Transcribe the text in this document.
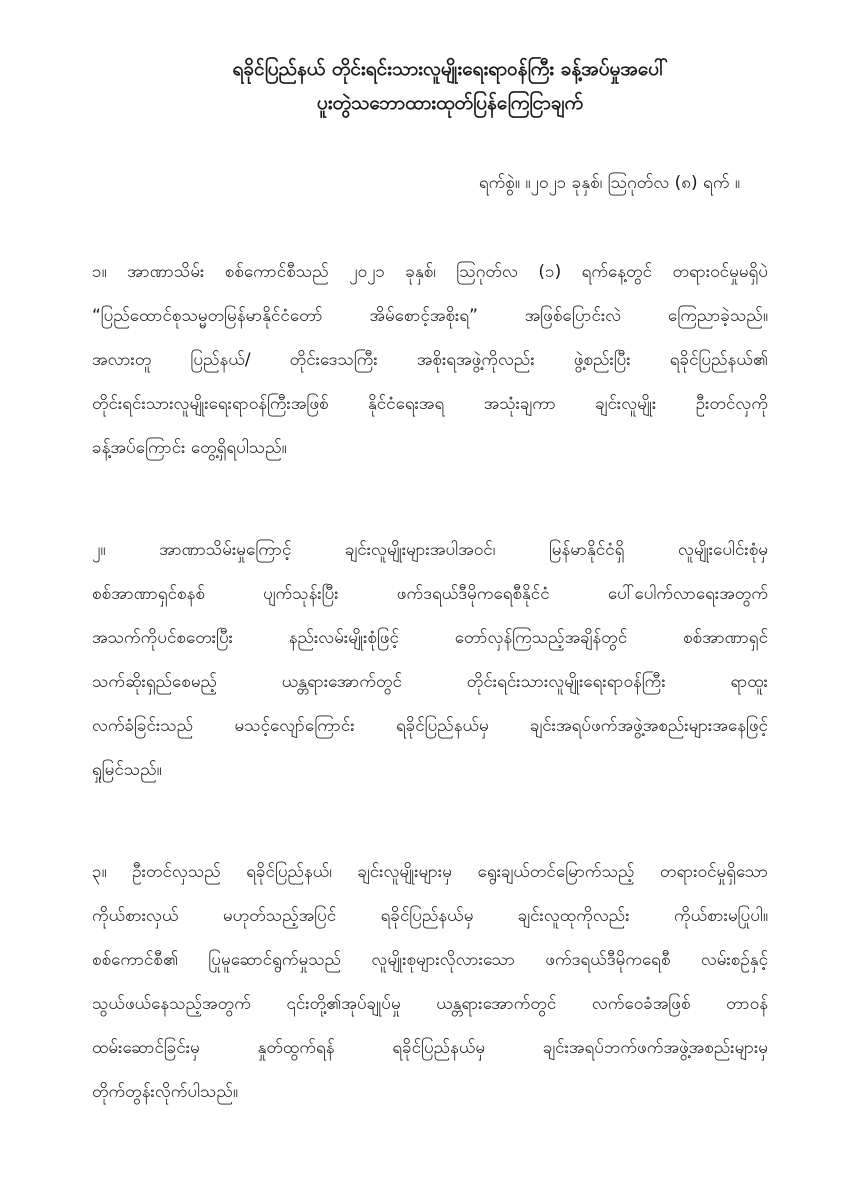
ရခိုင်ပြည်နယ် တိုင်းရင်းသားလူမျိုးရေးရာဝန်ကြီး ခန့်အပ်မှုအပေါ်
ပူးတွဲသဘောထားထုတ်ပြန်ကြေငြာချက်
ရက်စွဲ။ ။၂၀၂၁ ခုနှစ်၊ ဩဂုတ်လ (၈) ရက် ။
၁။ အာဏာသိမ်း စစ်ကောင်စီသည် ၂၀၂၁ ခုနှစ်၊ ဩဂုတ်လ (၁) ရက်နေ့တွင် တရားဝင်မှုမရှိပဲ
“ပြည်ထောင်စုသမ္မတမြန်မာနိုင်ငံတော် အိမ်စောင့်အစိုးရ” အဖြစ်ပြောင်းလဲ ကြေညာခဲ့သည်။
အလားတူ ပြည်နယ်/ တိုင်းဒေသကြီး အစိုးရအဖွဲ့ကိုလည်း ဖွဲ့စည်းပြီး ရခိုင်ပြည်နယ်၏
တိုင်းရင်းသားလူမျိုးရေးရာဝန်ကြီးအဖြစ် နိုင်ငံရေးအရ အသုံးချကာ ချင်းလူမျိုး ဦးတင်လှကို
ခန့်အပ်ကြောင်း တွေ့ရှိရပါသည်။
၂။ အာဏာသိမ်းမှုကြောင့် ချင်းလူမျိုးများအပါအဝင်၊ မြန်မာနိုင်ငံရှိ လူမျိုးပေါင်းစုံမှ
စစ်အာဏာရှင်စနစ် ပျက်သုန်းပြီး ဖက်ဒရယ်ဒီမိုကရေစီနိုင်ငံ ပေါ်ပေါက်လာရေးအတွက်
အသက်ကိုပင်စတေးပြီး နည်းလမ်းမျိုးစုံဖြင့် တော်လှန်ကြသည့်အချိန်တွင် စစ်အာဏာရှင်
သက်ဆိုးရှည်စေမည့် ယန္တရားအောက်တွင် တိုင်းရင်းသားလူမျိုးရေးရာဝန်ကြီး ရာထူး
လက်ခံခြင်းသည် မသင့်လျော်ကြောင်း ရခိုင်ပြည်နယ်မှ ချင်းအရပ်ဖက်အဖွဲ့အစည်းများအနေဖြင့်
ရှုမြင်သည်။
၃။ ဦးတင်လှသည် ရခိုင်ပြည်နယ်၊ ချင်းလူမျိုးများမှ ရွေးချယ်တင်မြောက်သည့် တရားဝင်မှုရှိသော
ကိုယ်စားလှယ် မဟုတ်သည့်အပြင် ရခိုင်ပြည်နယ်မှ ချင်းလူထုကိုလည်း ကိုယ်စားမပြုပါ။
စစ်ကောင်စီ၏ ပြုမူဆောင်ရွက်မှုသည် လူမျိုးစုများလိုလားသော ဖက်ဒရယ်ဒီမိုကရေစီ လမ်းစဉ်နှင့်
သွယ်ဖယ်နေသည့်အတွက် ၎င်းတို့၏အုပ်ချုပ်မှု ယန္တရားအောက်တွင် လက်ဝေခံအဖြစ် တာဝန်
ထမ်းဆောင်ခြင်းမှ နှုတ်ထွက်ရန် ရခိုင်ပြည်နယ်မှ ချင်းအရပ်ဘက်ဖက်အဖွဲ့အစည်းများမှ
တိုက်တွန်းလိုက်ပါသည်။
